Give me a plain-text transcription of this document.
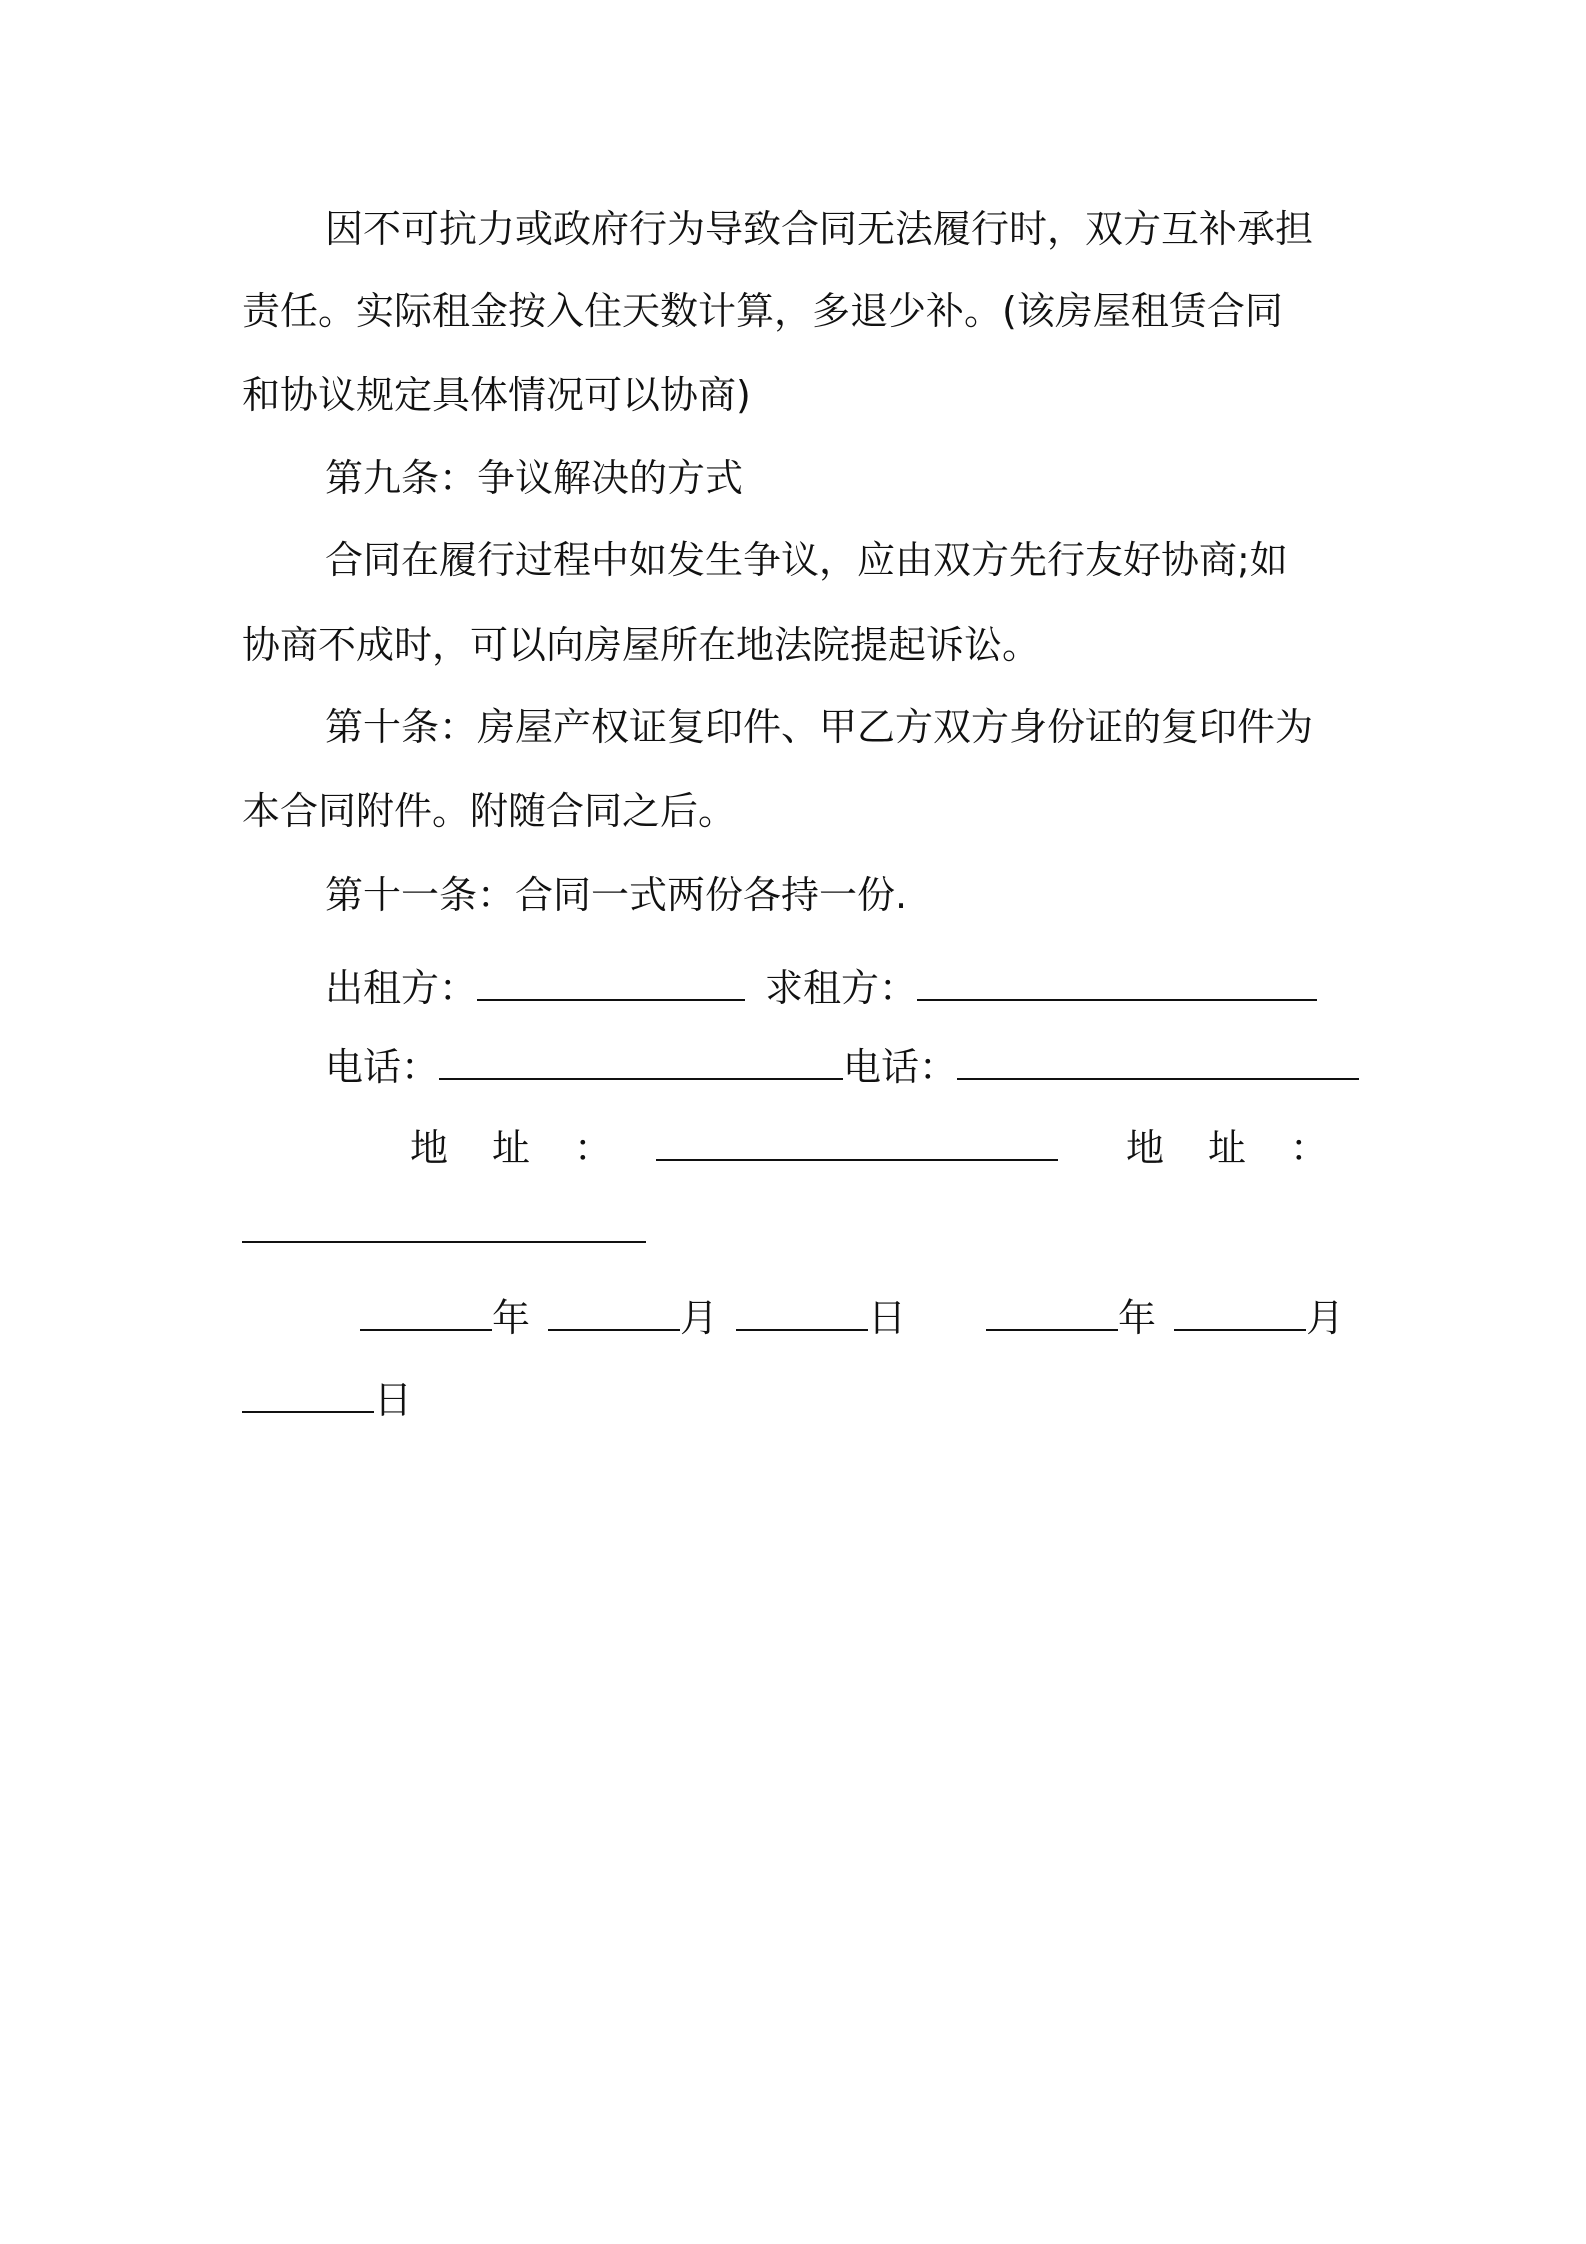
因不可抗力或政府行为导致合同无法履行时，双方互补承担
责任。实际租金按入住天数计算，多退少补。(该房屋租赁合同
和协议规定具体情况可以协商)
第九条：争议解决的方式
合同在履行过程中如发生争议，应由双方先行友好协商;如
协商不成时，可以向房屋所在地法院提起诉讼。
第十条：房屋产权证复印件、甲乙方双方身份证的复印件为
本合同附件。附随合同之后。
第十一条：合同一式两份各持一份.
出租方：	求租方：
电话：	电话：
地址：	地址：
年	月	日	年	月
日
